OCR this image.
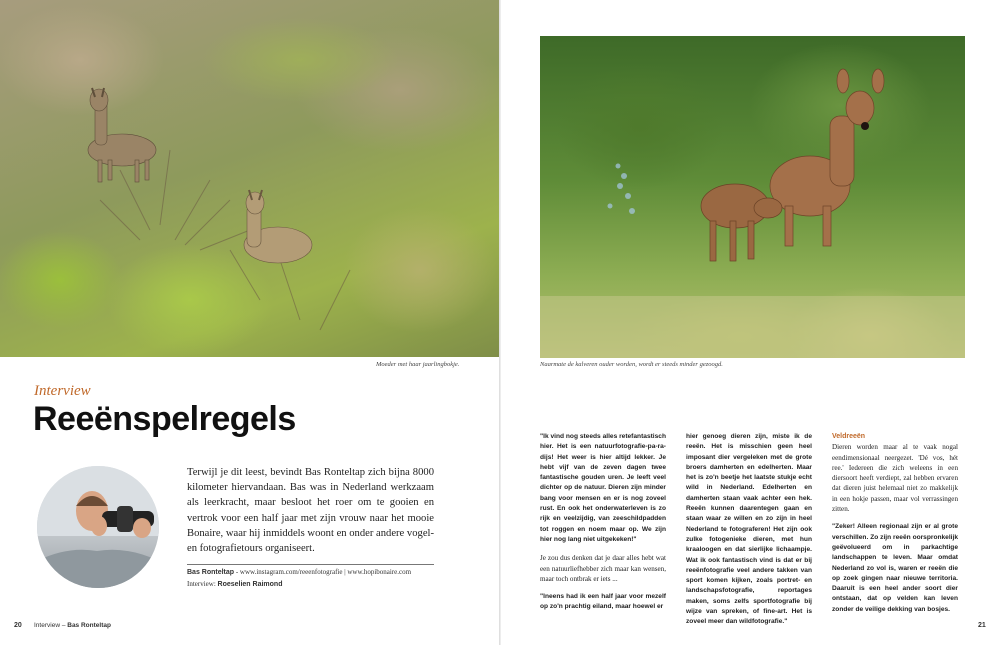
Moeder met haar jaarlingbokje.	Naarmate de kalveren ouder worden, wordt er steeds minder gezoogd.
Interview
Reeënspelregels

Terwijl je dit leest, bevindt Bas Ronteltap zich bijna 8000 kilometer hiervandaan. Bas was in Nederland werkzaam als leerkracht, maar besloot het roer om te gooien en vertrok voor een half jaar met zijn vrouw naar het mooie Bonaire, waar hij inmiddels woont en onder andere vogel- en fotografietours organiseert.

Bas Ronteltap - www.instagram.com/reeenfotografie | www.hopibonaire.com
Interview: Roeselien Raimond

"Ik vind nog steeds alles retefantastisch hier. Het is een natuurfotografie-pa-ra-dijs! Het weer is hier altijd lekker. Je hebt vijf van de zeven dagen twee fantastische gouden uren. Je leeft veel dichter op de natuur. Dieren zijn minder bang voor mensen en er is nog zoveel rust. En ook het onderwaterleven is zo rijk en veelzijdig, van zeeschildpadden tot roggen en noem maar op. We zijn hier nog lang niet uitgekeken!"

Je zou dus denken dat je daar alles hebt wat een natuurliefhebber zich maar kan wensen, maar toch ontbrak er iets ...

"Ineens had ik een half jaar voor mezelf op zo'n prachtig eiland, maar hoewel er

hier genoeg dieren zijn, miste ik de reeën. Het is misschien geen heel imposant dier vergeleken met de grote broers damherten en edelherten. Maar het is zo'n beetje het laatste stukje echt wild in Nederland. Edelherten en damherten staan vaak achter een hek. Reeën kunnen daarentegen gaan en staan waar ze willen en zo zijn in heel Nederland te fotograferen! Het zijn ook zulke fotogenieke dieren, met hun kraaloogen en dat sierlijke lichaampje. Wat ik ook fantastisch vind is dat er bij reeënfotografie veel andere takken van sport komen kijken, zoals portret- en landschapsfotografie, reportages maken, soms zelfs sportfotografie bij wijze van spreken, of fine-art. Het is zoveel meer dan wildfotografie."

Veldreeën

Dieren worden maar al te vaak nogal eendimensionaal neergezet. 'Dé vos, hét ree.' Iedereen die zich weleens in een diersoort heeft verdiept, zal hebben ervaren dat dieren juist helemaal niet zo makkelijk in een hokje passen, maar vol verrassingen zitten.

"Zeker! Alleen regionaal zijn er al grote verschillen. Zo zijn reeën oorspronkelijk geëvolueerd om in parkachtige landschappen te leven. Maar omdat Nederland zo vol is, waren er reeën die op zoek gingen naar nieuwe territoria. Daaruit is een heel ander soort dier ontstaan, dat op velden kan leven zonder de veilige dekking van bosjes.

20 Interview – Bas Ronteltap	21
